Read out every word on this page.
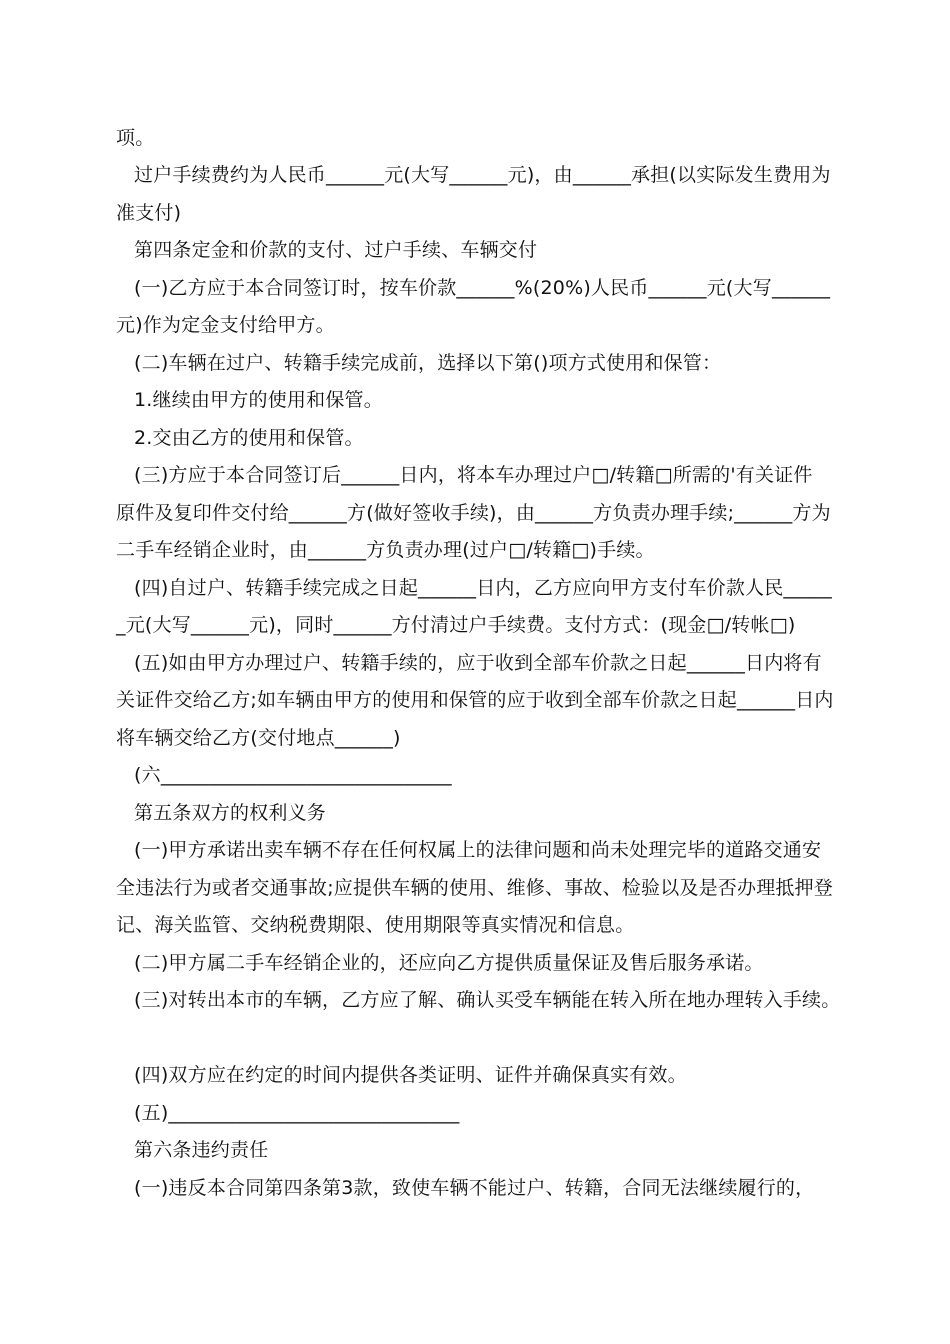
项。
过户手续费约为人民币______元(大写______元)，由______承担(以实际发生费用为
准支付)
第四条定金和价款的支付、过户手续、车辆交付
(一)乙方应于本合同签订时，按车价款______%(20%)人民币______元(大写______
元)作为定金支付给甲方。
(二)车辆在过户、转籍手续完成前，选择以下第()项方式使用和保管：
1.继续由甲方的使用和保管。
2.交由乙方的使用和保管。
(三)方应于本合同签订后______日内，将本车办理过户□/转籍□所需的'有关证件
原件及复印件交付给______方(做好签收手续)，由______方负责办理手续;______方为
二手车经销企业时，由______方负责办理(过户□/转籍□)手续。
(四)自过户、转籍手续完成之日起______日内，乙方应向甲方支付车价款人民_____
_元(大写______元)，同时______方付清过户手续费。支付方式：(现金□/转帐□)
(五)如由甲方办理过户、转籍手续的，应于收到全部车价款之日起______日内将有
关证件交给乙方;如车辆由甲方的使用和保管的应于收到全部车价款之日起______日内
将车辆交给乙方(交付地点______)
(六______________________________
第五条双方的权利义务
(一)甲方承诺出卖车辆不存在任何权属上的法律问题和尚未处理完毕的道路交通安
全违法行为或者交通事故;应提供车辆的使用、维修、事故、检验以及是否办理抵押登
记、海关监管、交纳税费期限、使用期限等真实情况和信息。
(二)甲方属二手车经销企业的，还应向乙方提供质量保证及售后服务承诺。
(三)对转出本市的车辆，乙方应了解、确认买受车辆能在转入所在地办理转入手续。
(四)双方应在约定的时间内提供各类证明、证件并确保真实有效。
(五)______________________________
第六条违约责任
(一)违反本合同第四条第3款，致使车辆不能过户、转籍，合同无法继续履行的，
